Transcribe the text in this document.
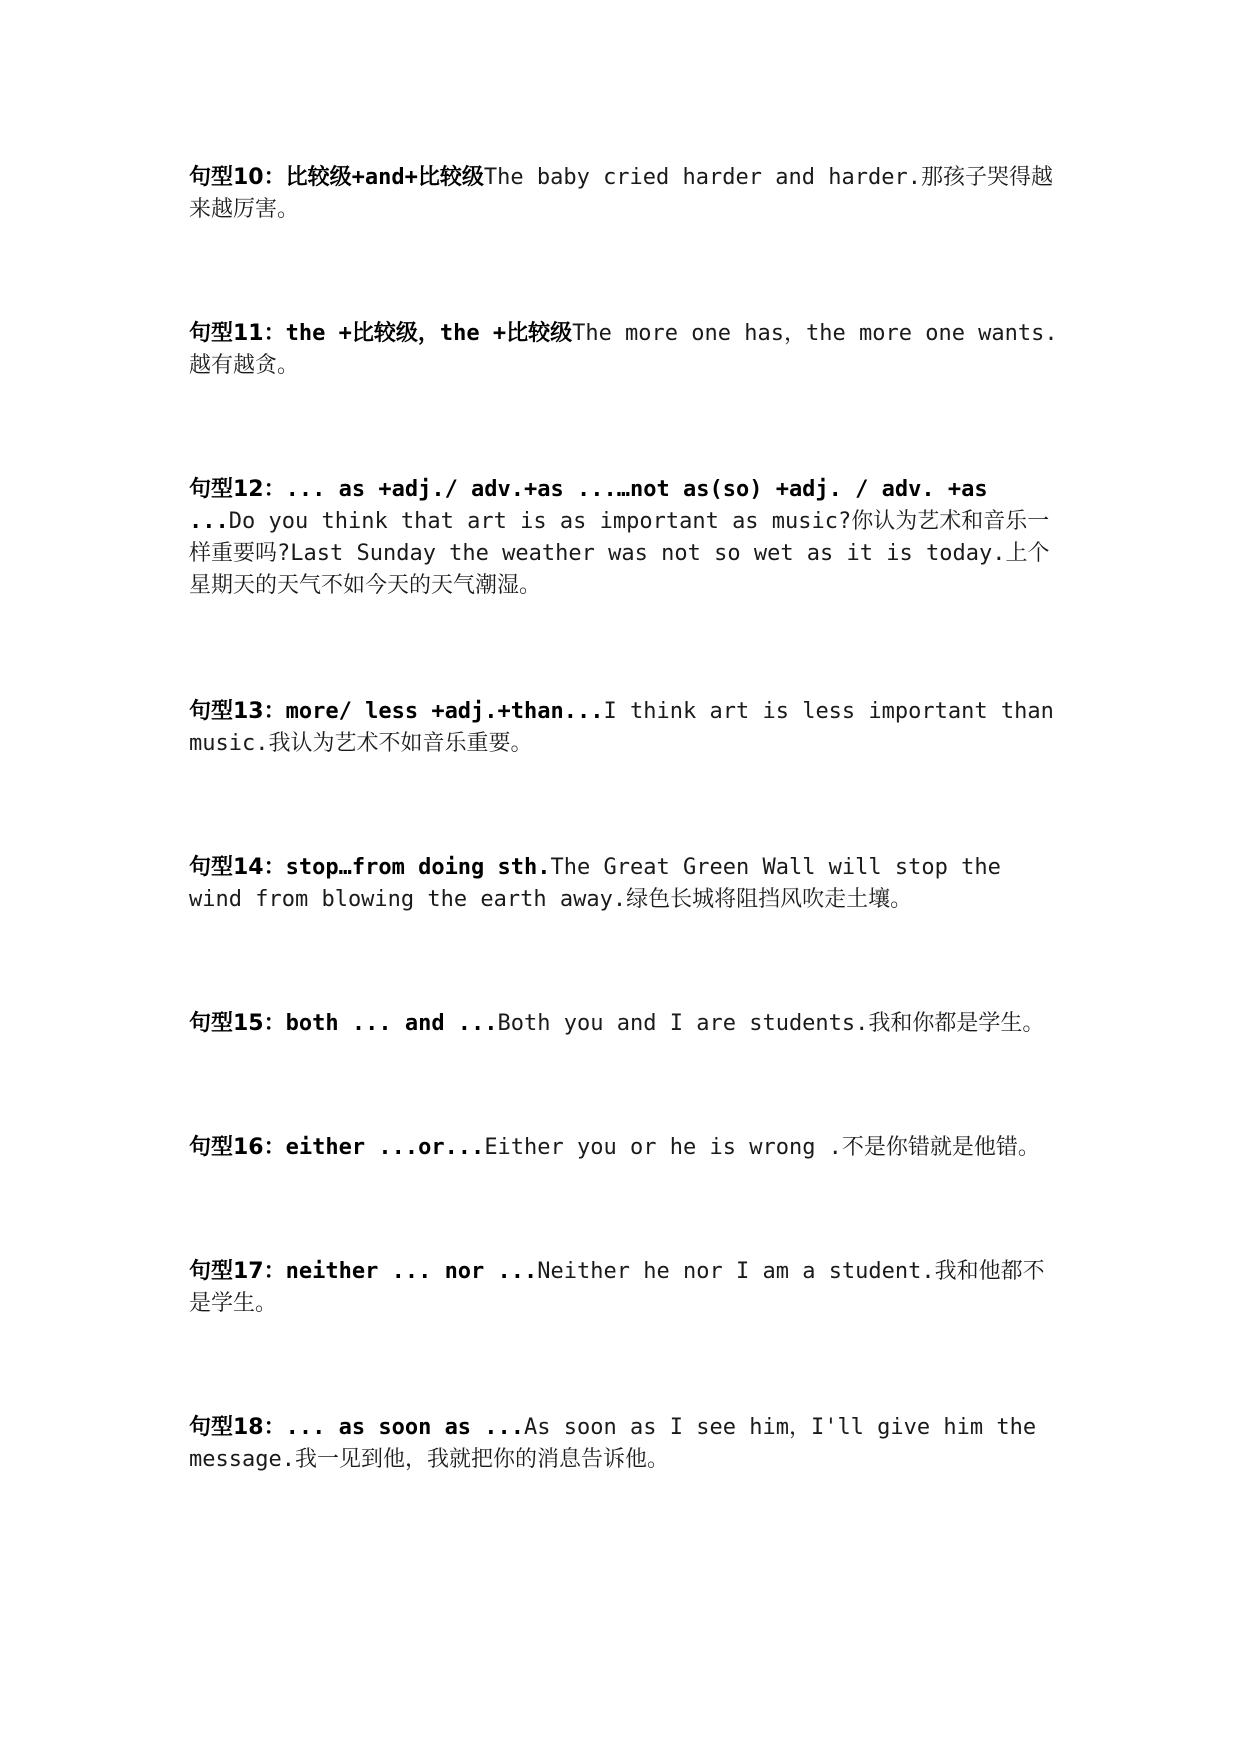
句型10：比较级+and+比较级The baby cried harder and harder.那孩子哭得越来越厉害。

句型11：the +比较级，the +比较级The more one has，the more one wants.越有越贪。

句型12：... as +adj./ adv.+as ...…not as(so) +adj. / adv. +as ...Do you think that art is as important as music?你认为艺术和音乐一样重要吗?Last Sunday the weather was not so wet as it is today.上个星期天的天气不如今天的天气潮湿。

句型13：more/ less +adj.+than...I think art is less important than music.我认为艺术不如音乐重要。

句型14：stop…from doing sth.The Great Green Wall will stop the wind from blowing the earth away.绿色长城将阻挡风吹走土壤。

句型15：both ... and ...Both you and I are students.我和你都是学生。

句型16：either ...or...Either you or he is wrong .不是你错就是他错。

句型17：neither ... nor ...Neither he nor I am a student.我和他都不是学生。

句型18：... as soon as ...As soon as I see him，I'll give him the message.我一见到他，我就把你的消息告诉他。
